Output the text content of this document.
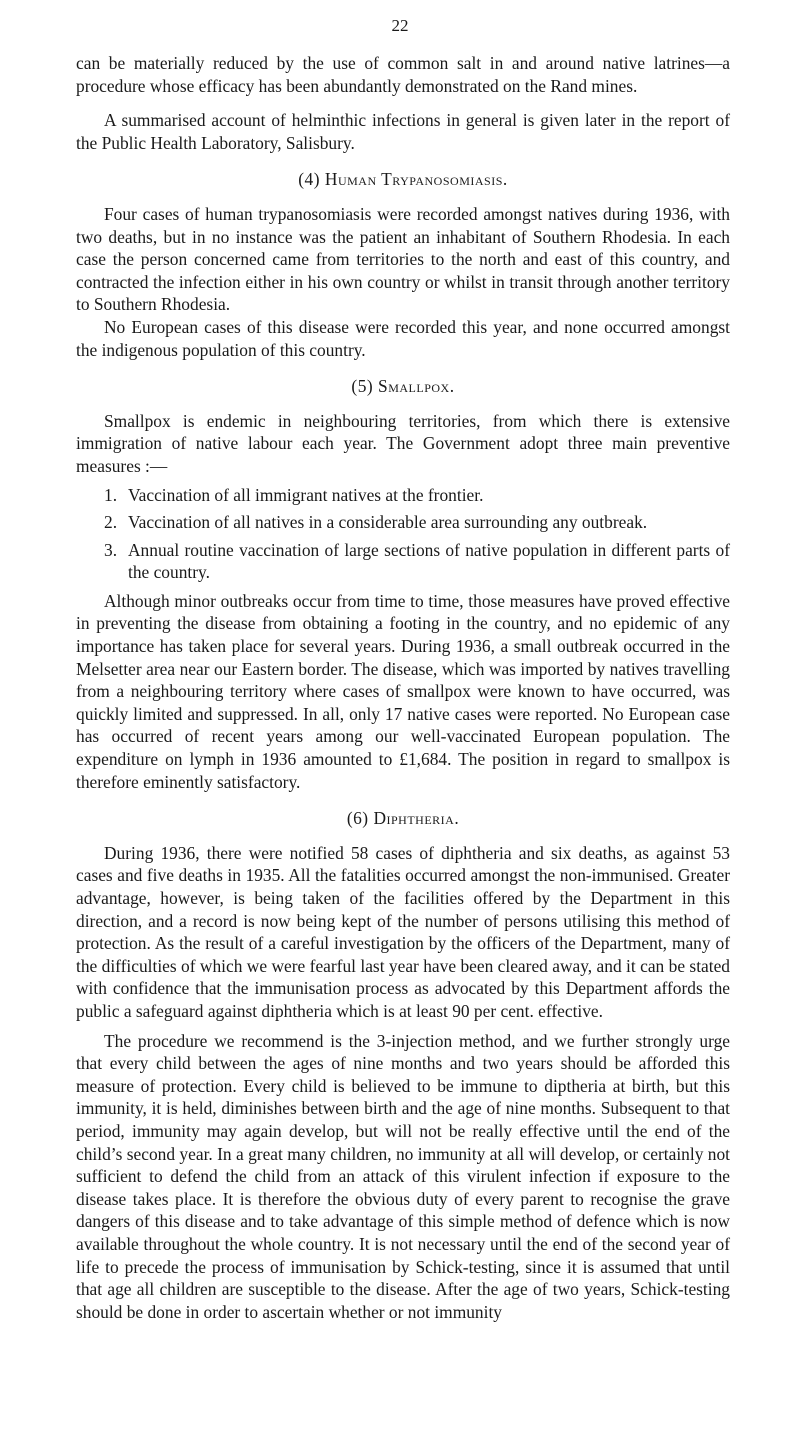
22

can be materially reduced by the use of common salt in and around native latrines—a procedure whose efficacy has been abundantly demonstrated on the Rand mines.

A summarised account of helminthic infections in general is given later in the report of the Public Health Laboratory, Salisbury.

(4) Human Trypanosomiasis.

Four cases of human trypanosomiasis were recorded amongst natives during 1936, with two deaths, but in no instance was the patient an inhabitant of Southern Rhodesia. In each case the person concerned came from territories to the north and east of this country, and contracted the infection either in his own country or whilst in transit through another territory to Southern Rhodesia.

No European cases of this disease were recorded this year, and none occurred amongst the indigenous population of this country.

(5) Smallpox.

Smallpox is endemic in neighbouring territories, from which there is extensive immigration of native labour each year. The Government adopt three main preventive measures :—

1. Vaccination of all immigrant natives at the frontier.
2. Vaccination of all natives in a considerable area surrounding any outbreak.
3. Annual routine vaccination of large sections of native population in different parts of the country.

Although minor outbreaks occur from time to time, those measures have proved effective in preventing the disease from obtaining a footing in the country, and no epidemic of any importance has taken place for several years. During 1936, a small outbreak occurred in the Melsetter area near our Eastern border. The disease, which was imported by natives travelling from a neighbouring territory where cases of smallpox were known to have occurred, was quickly limited and suppressed. In all, only 17 native cases were reported. No European case has occurred of recent years among our well-vaccinated European population. The expenditure on lymph in 1936 amounted to £1,684. The position in regard to smallpox is therefore eminently satisfactory.

(6) Diphtheria.

During 1936, there were notified 58 cases of diphtheria and six deaths, as against 53 cases and five deaths in 1935. All the fatalities occurred amongst the non-immunised. Greater advantage, however, is being taken of the facilities offered by the Department in this direction, and a record is now being kept of the number of persons utilising this method of protection. As the result of a careful investigation by the officers of the Department, many of the difficulties of which we were fearful last year have been cleared away, and it can be stated with confidence that the immunisation process as advocated by this Department affords the public a safeguard against diphtheria which is at least 90 per cent. effective.

The procedure we recommend is the 3-injection method, and we further strongly urge that every child between the ages of nine months and two years should be afforded this measure of protection. Every child is believed to be immune to diptheria at birth, but this immunity, it is held, diminishes between birth and the age of nine months. Subsequent to that period, immunity may again develop, but will not be really effective until the end of the child’s second year. In a great many children, no immunity at all will develop, or certainly not sufficient to defend the child from an attack of this virulent infection if exposure to the disease takes place. It is therefore the obvious duty of every parent to recognise the grave dangers of this disease and to take advantage of this simple method of defence which is now available throughout the whole country. It is not necessary until the end of the second year of life to precede the process of immunisation by Schick-testing, since it is assumed that until that age all children are susceptible to the disease. After the age of two years, Schick-testing should be done in order to ascertain whether or not immunity
